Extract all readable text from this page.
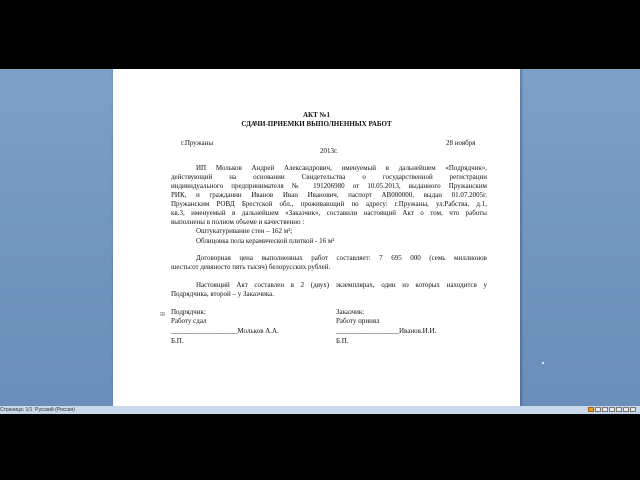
АКТ №1
СДАЧИ-ПРИЕМКИ ВЫПОЛНЕННЫХ РАБОТ
г.Пружаны	28 ноября
2013г.
ИП Мольков Андрей Александрович, именуемый в дальнейшем «Подрядчик»,
действующий на основании Свидетельства о государственной регистрации
индивидуального предпринимателя № 191206980 от 10.05.2013, выданного Пружанским
РИК, и гражданин Иванов Иван Иванович, паспорт АВ000000, выдан 01.07.2005г.
Пружанским РОВД Брестской обл., проживающий по адресу: г.Пружаны, ул.Рабства, д.1,
кв.3, именуемый в дальнейшем «Заказчик», составили настоящий Акт о том, что работы
выполнены в полном объеме и качественно :
Оштукатуривание стен – 162 м²;
Облицовка пола керамической плиткой - 16 м²
Договорная цена выполненных работ составляет: 7 695 000 (семь миллионов
шестьсот девяносто пять тысяч) белорусских рублей.
Настоящий Акт составлен в 2 (двух) экземплярах, один из которых находится у
Подрядчика, второй – у Заказчика.
Подрядчик:
Работу сдал
___________________Мольков А.А.
Б.П.
Заказчик:
Работу принял
__________________Иванов.И.И.
Б.П.
⊞
Страница: 1/1 Русский (Россия)
